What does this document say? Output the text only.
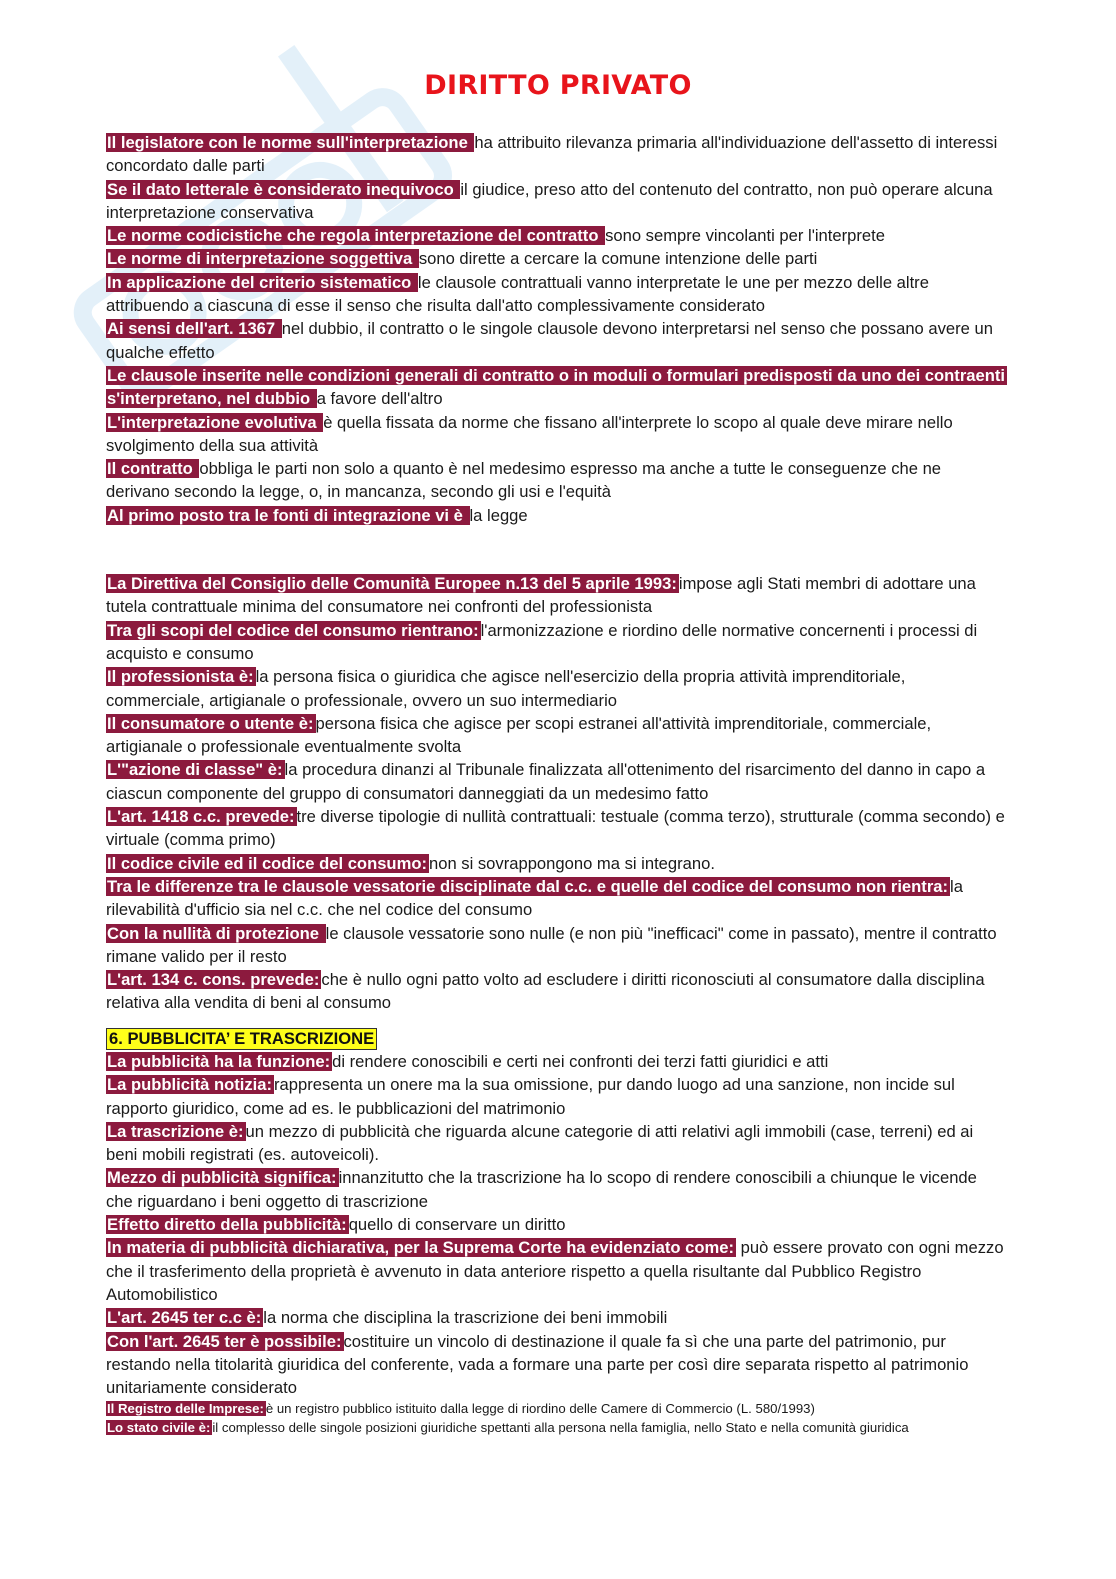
DIRITTO PRIVATO

Il legislatore con le norme sull'interpretazione ha attribuito rilevanza primaria all'individuazione dell'assetto di interessi concordato dalle parti

Se il dato letterale è considerato inequivoco il giudice, preso atto del contenuto del contratto, non può operare alcuna interpretazione conservativa

Le norme codicistiche che regola interpretazione del contratto sono sempre vincolanti per l'interprete

Le norme di interpretazione soggettiva sono dirette a cercare la comune intenzione delle parti

In applicazione del criterio sistematico le clausole contrattuali vanno interpretate le une per mezzo delle altre attribuendo a ciascuna di esse il senso che risulta dall'atto complessivamente considerato

Ai sensi dell'art. 1367 nel dubbio, il contratto o le singole clausole devono interpretarsi nel senso che possano avere un qualche effetto

Le clausole inserite nelle condizioni generali di contratto o in moduli o formulari predisposti da uno dei contraenti s'interpretano, nel dubbio a favore dell'altro

L'interpretazione evolutiva è quella fissata da norme che fissano all'interprete lo scopo al quale deve mirare nello svolgimento della sua attività

Il contratto obbliga le parti non solo a quanto è nel medesimo espresso ma anche a tutte le conseguenze che ne derivano secondo la legge, o, in mancanza, secondo gli usi e l'equità

Al primo posto tra le fonti di integrazione vi è la legge

La Direttiva del Consiglio delle Comunità Europee n.13 del 5 aprile 1993: impose agli Stati membri di adottare una tutela contrattuale minima del consumatore nei confronti del professionista

Tra gli scopi del codice del consumo rientrano: l'armonizzazione e riordino delle normative concernenti i processi di acquisto e consumo

Il professionista è: la persona fisica o giuridica che agisce nell'esercizio della propria attività imprenditoriale, commerciale, artigianale o professionale, ovvero un suo intermediario

Il consumatore o utente è: persona fisica che agisce per scopi estranei all'attività imprenditoriale, commerciale, artigianale o professionale eventualmente svolta

L'"azione di classe" è: la procedura dinanzi al Tribunale finalizzata all'ottenimento del risarcimento del danno in capo a ciascun componente del gruppo di consumatori danneggiati da un medesimo fatto

L'art. 1418 c.c. prevede: tre diverse tipologie di nullità contrattuali: testuale (comma terzo), strutturale (comma secondo) e virtuale (comma primo)

Il codice civile ed il codice del consumo: non si sovrappongono ma si integrano.

Tra le differenze tra le clausole vessatorie disciplinate dal c.c. e quelle del codice del consumo non rientra: la rilevabilità d'ufficio sia nel c.c. che nel codice del consumo

Con la nullità di protezione le clausole vessatorie sono nulle (e non più "inefficaci" come in passato), mentre il contratto rimane valido per il resto

L'art. 134 c. cons. prevede: che è nullo ogni patto volto ad escludere i diritti riconosciuti al consumatore dalla disciplina relativa alla vendita di beni al consumo

6. PUBBLICITA’ E TRASCRIZIONE

La pubblicità ha la funzione: di rendere conoscibili e certi nei confronti dei terzi fatti giuridici e atti

La pubblicità notizia: rappresenta un onere ma la sua omissione, pur dando luogo ad una sanzione, non incide sul rapporto giuridico, come ad es. le pubblicazioni del matrimonio

La trascrizione è: un mezzo di pubblicità che riguarda alcune categorie di atti relativi agli immobili (case, terreni) ed ai beni mobili registrati (es. autoveicoli).

Mezzo di pubblicità significa: innanzitutto che la trascrizione ha lo scopo di rendere conoscibili a chiunque le vicende che riguardano i beni oggetto di trascrizione

Effetto diretto della pubblicità: quello di conservare un diritto

In materia di pubblicità dichiarativa, per la Suprema Corte ha evidenziato come: può essere provato con ogni mezzo che il trasferimento della proprietà è avvenuto in data anteriore rispetto a quella risultante dal Pubblico Registro Automobilistico

L'art. 2645 ter c.c è: la norma che disciplina la trascrizione dei beni immobili

Con l'art. 2645 ter è possibile: costituire un vincolo di destinazione il quale fa sì che una parte del patrimonio, pur restando nella titolarità giuridica del conferente, vada a formare una parte per così dire separata rispetto al patrimonio unitariamente considerato

Il Registro delle Imprese: è un registro pubblico istituito dalla legge di riordino delle Camere di Commercio (L. 580/1993)

Lo stato civile è: il complesso delle singole posizioni giuridiche spettanti alla persona nella famiglia, nello Stato e nella comunità giuridica
